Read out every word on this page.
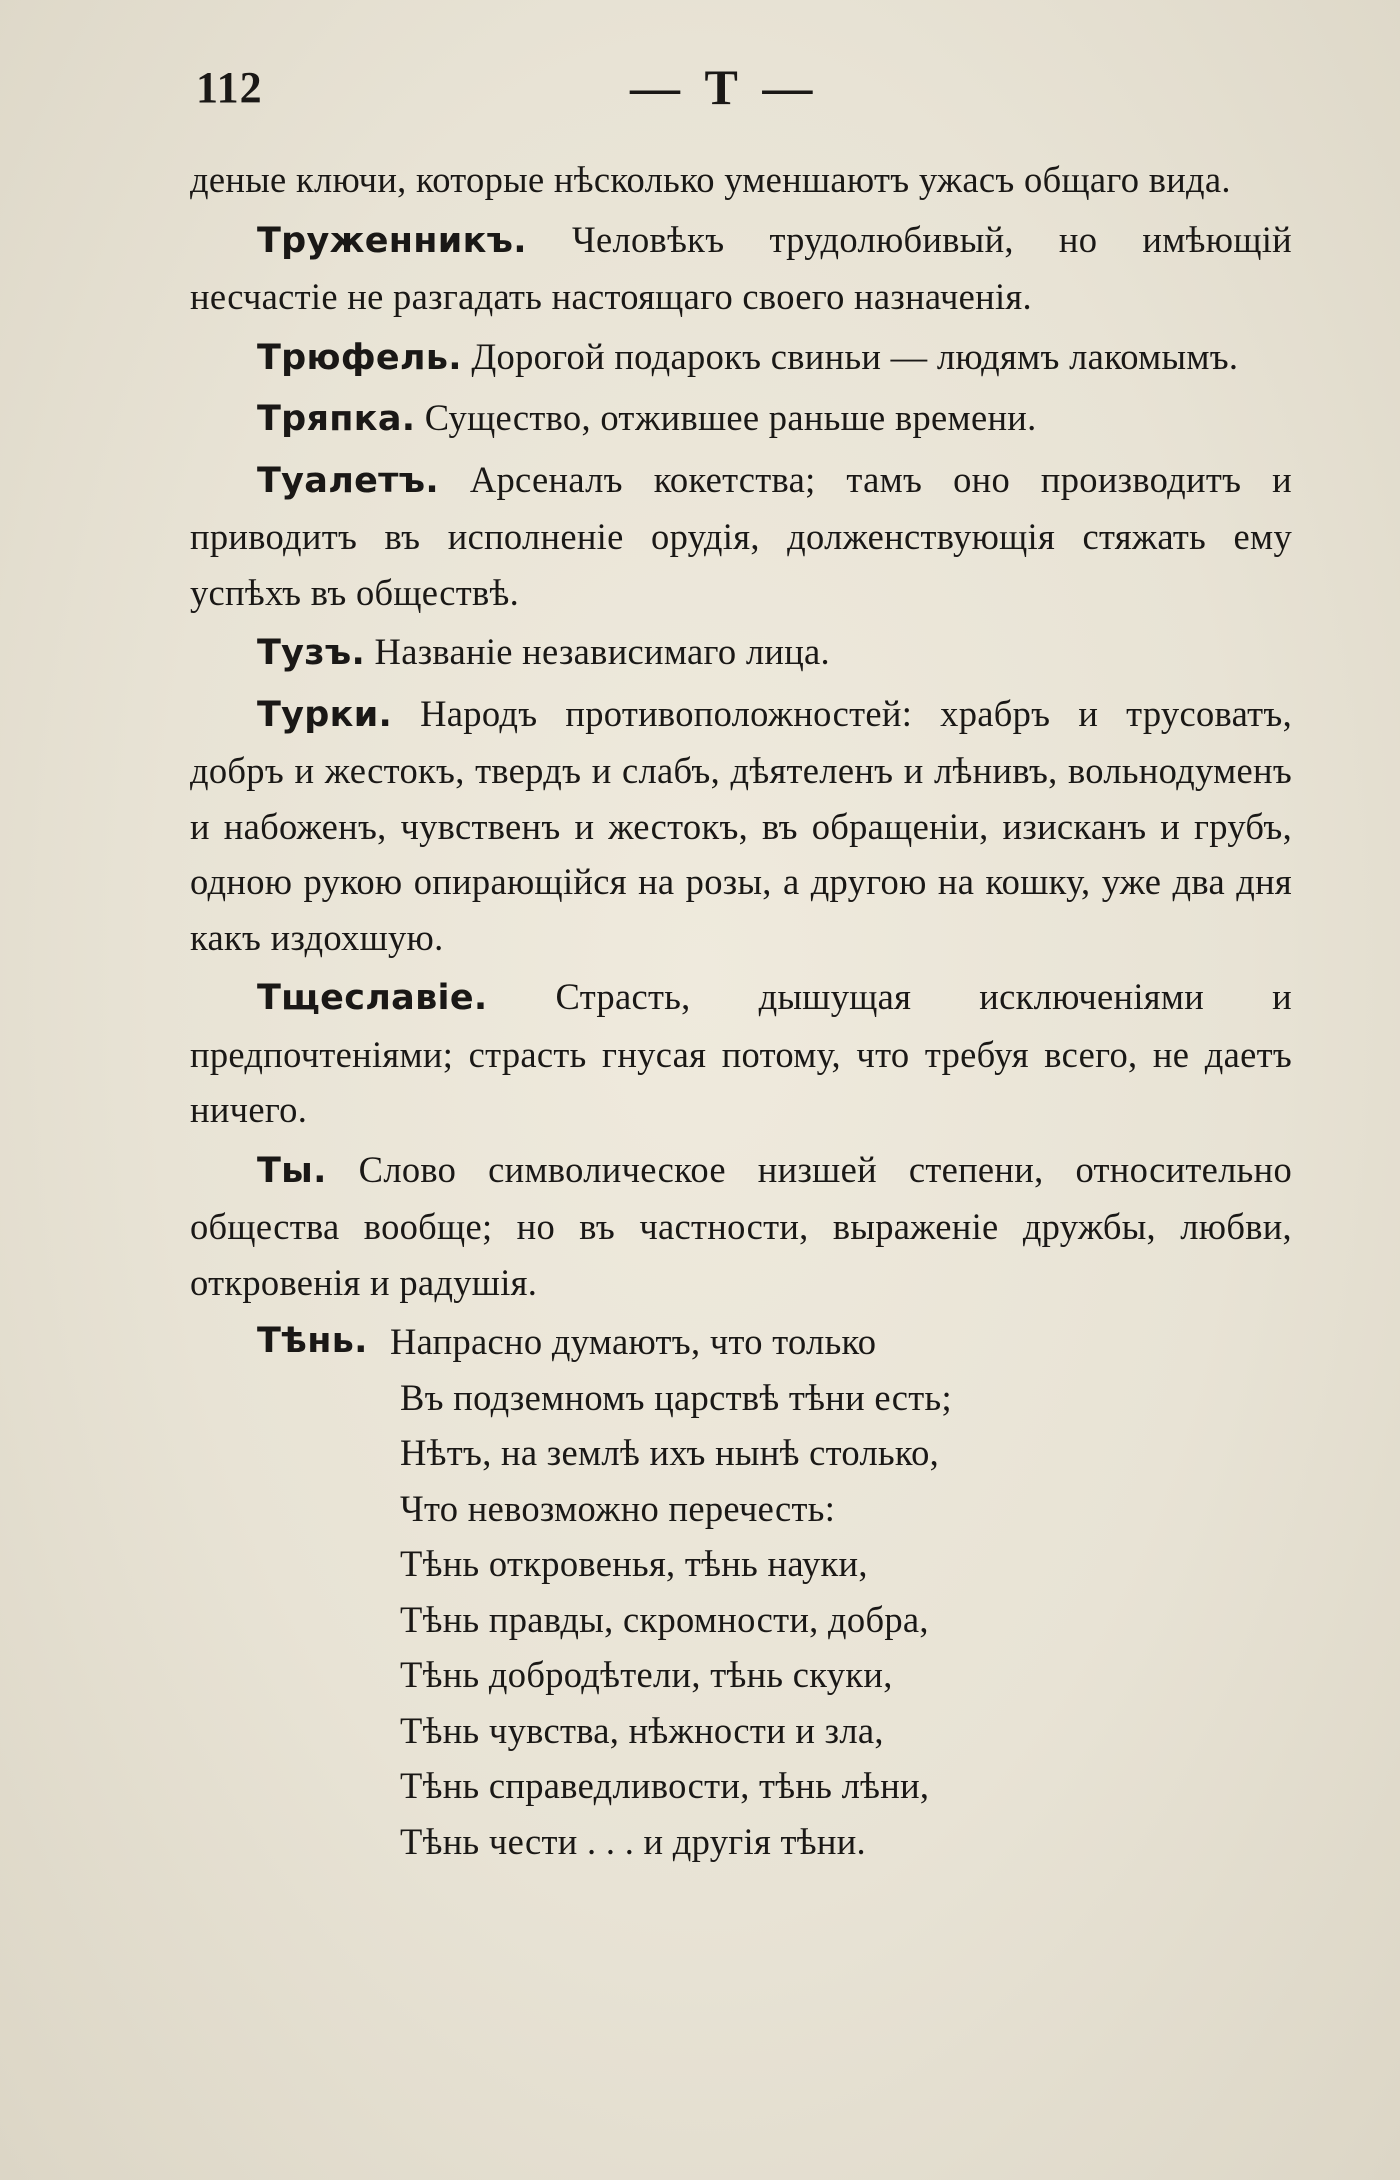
112	— Т —

деные ключи, которые нѣсколько уменшаютъ ужасъ общаго вида.

Труженникъ. Человѣкъ трудолюбивый, но имѣющій несчастіе не разгадать настоящаго своего назначенія.

Трюфель. Дорогой подарокъ свиньи — людямъ лакомымъ.

Тряпка. Существо, отжившее раньше времени.

Туалетъ. Арсеналъ кокетства; тамъ оно производитъ и приводитъ въ исполненіе орудія, долженствующія стяжать ему успѣхъ въ обществѣ.

Тузъ. Названіе независимаго лица.

Турки. Народъ противоположностей: храбръ и трусоватъ, добръ и жестокъ, твердъ и слабъ, дѣятеленъ и лѣнивъ, вольнодуменъ и набоженъ, чувственъ и жестокъ, въ обращеніи, изисканъ и грубъ, одною рукою опирающійся на розы, а другою на кошку, уже два дня какъ издохшую.

Тщеславіе. Страсть, дышущая исключеніями и предпочтеніями; страсть гнусая потому, что требуя всего, не даетъ ничего.

Ты. Слово символическое низшей степени, относительно общества вообще; но въ частности, выраженіе дружбы, любви, откровенія и радушія.

Тѣнь. Напрасно думаютъ, что только
Въ подземномъ царствѣ тѣни есть;
Нѣтъ, на землѣ ихъ нынѣ столько,
Что невозможно перечесть:
Тѣнь откровенья, тѣнь науки,
Тѣнь правды, скромности, добра,
Тѣнь добродѣтели, тѣнь скуки,
Тѣнь чувства, нѣжности и зла,
Тѣнь справедливости, тѣнь лѣни,
Тѣнь чести . . . и другія тѣни.
